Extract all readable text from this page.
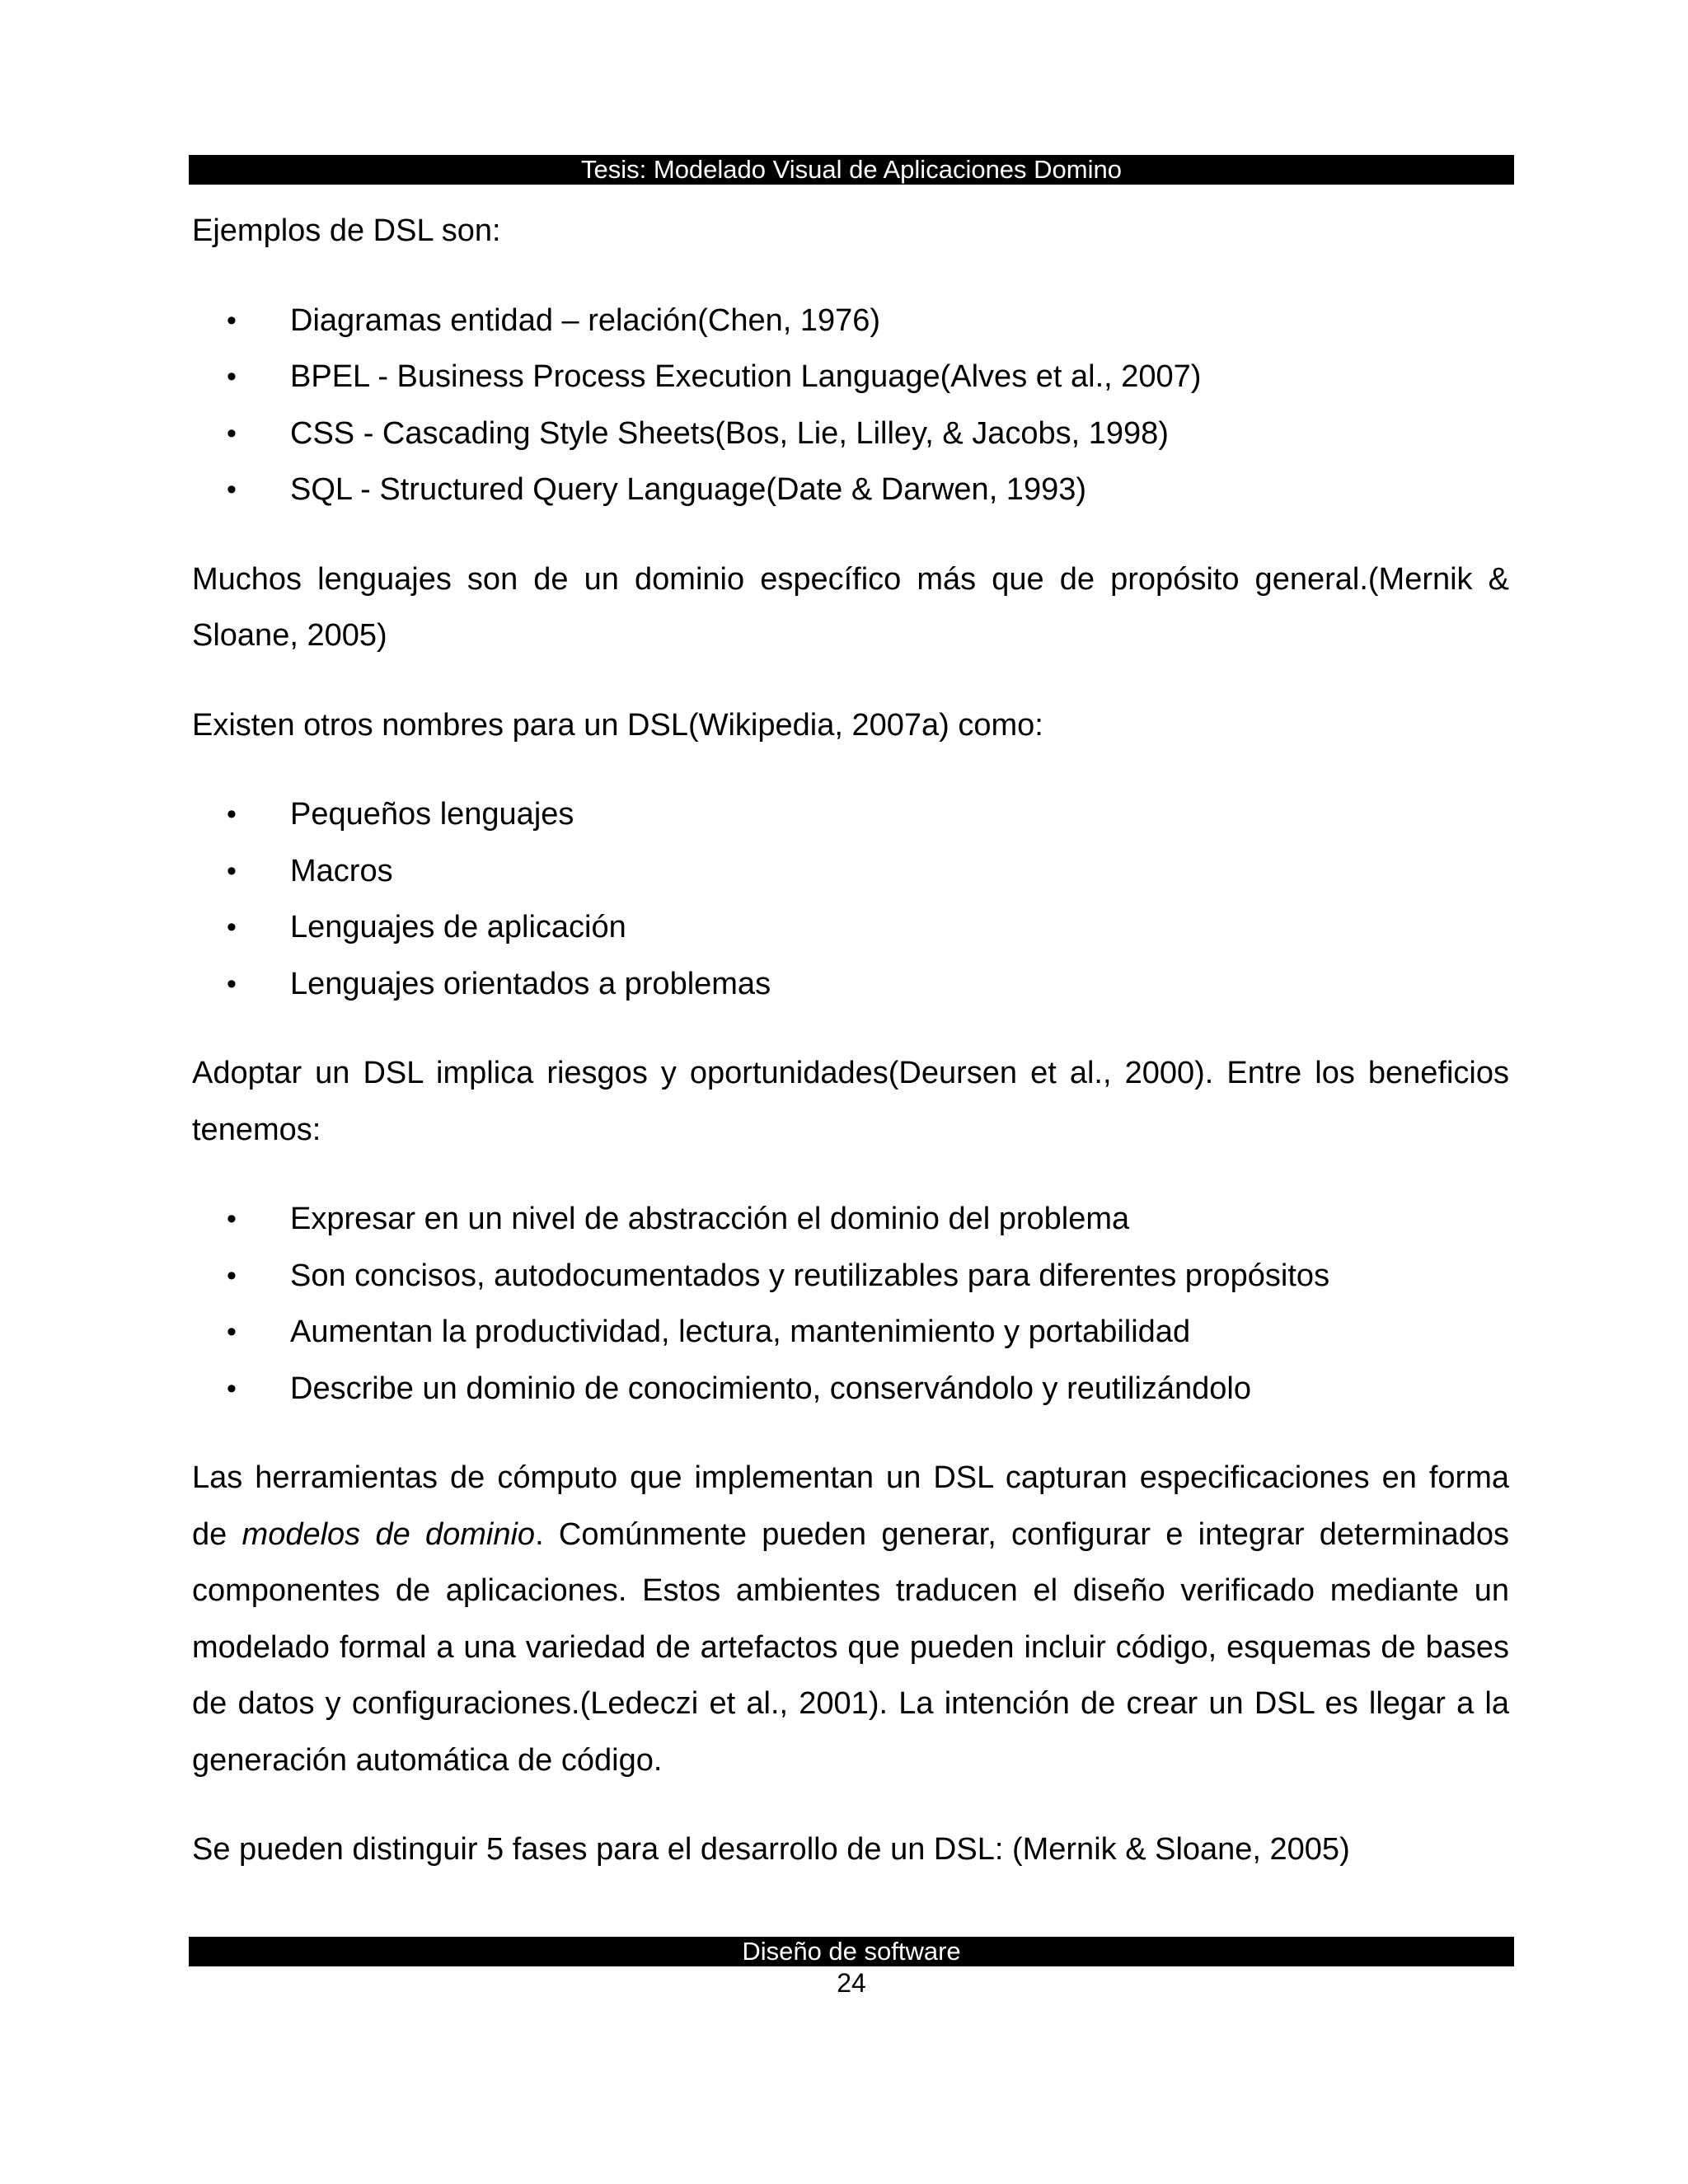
Tesis: Modelado Visual de Aplicaciones Domino

Ejemplos de DSL son:

• Diagramas entidad – relación(Chen, 1976)
• BPEL - Business Process Execution Language(Alves et al., 2007)
• CSS - Cascading Style Sheets(Bos, Lie, Lilley, & Jacobs, 1998)
• SQL - Structured Query Language(Date & Darwen, 1993)

Muchos lenguajes son de un dominio específico más que de propósito general.(Mernik & Sloane, 2005)

Existen otros nombres para un DSL(Wikipedia, 2007a) como:

• Pequeños lenguajes
• Macros
• Lenguajes de aplicación
• Lenguajes orientados a problemas

Adoptar un DSL implica riesgos y oportunidades(Deursen et al., 2000). Entre los beneficios tenemos:

• Expresar en un nivel de abstracción el dominio del problema
• Son concisos, autodocumentados y reutilizables para diferentes propósitos
• Aumentan la productividad, lectura, mantenimiento y portabilidad
• Describe un dominio de conocimiento, conservándolo y reutilizándolo

Las herramientas de cómputo que implementan un DSL capturan especificaciones en forma de modelos de dominio. Comúnmente pueden generar, configurar e integrar determinados componentes de aplicaciones. Estos ambientes traducen el diseño verificado mediante un modelado formal a una variedad de artefactos que pueden incluir código, esquemas de bases de datos y configuraciones.(Ledeczi et al., 2001). La intención de crear un DSL es llegar a la generación automática de código.

Se pueden distinguir 5 fases para el desarrollo de un DSL: (Mernik & Sloane, 2005)

Diseño de software
24
